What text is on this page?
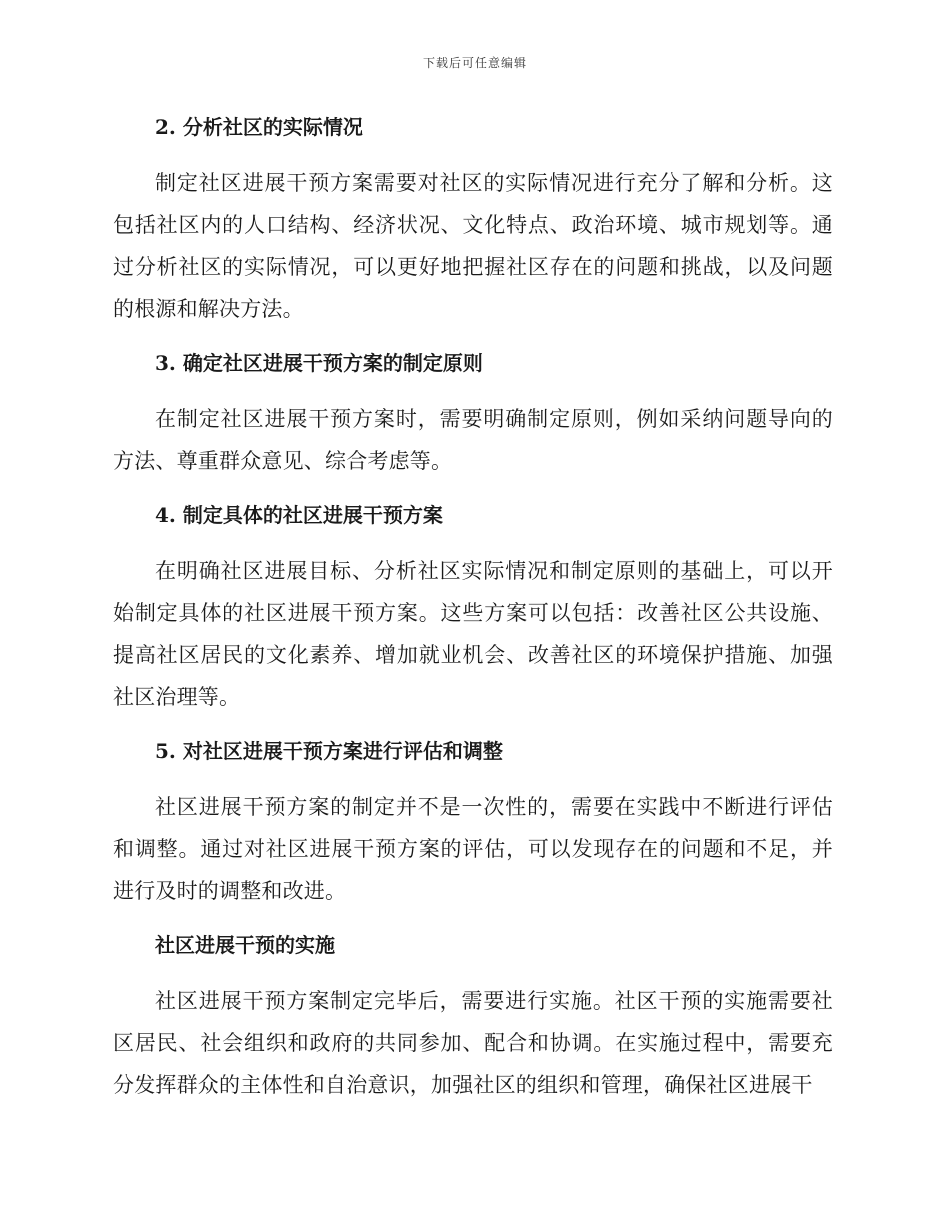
下载后可任意编辑
2. 分析社区的实际情况

制定社区进展干预方案需要对社区的实际情况进行充分了解和分析。这包括社区内的人口结构、经济状况、文化特点、政治环境、城市规划等。通过分析社区的实际情况，可以更好地把握社区存在的问题和挑战，以及问题的根源和解决方法。

3. 确定社区进展干预方案的制定原则

在制定社区进展干预方案时，需要明确制定原则，例如采纳问题导向的方法、尊重群众意见、综合考虑等。

4. 制定具体的社区进展干预方案

在明确社区进展目标、分析社区实际情况和制定原则的基础上，可以开始制定具体的社区进展干预方案。这些方案可以包括：改善社区公共设施、提高社区居民的文化素养、增加就业机会、改善社区的环境保护措施、加强社区治理等。

5. 对社区进展干预方案进行评估和调整

社区进展干预方案的制定并不是一次性的，需要在实践中不断进行评估和调整。通过对社区进展干预方案的评估，可以发现存在的问题和不足，并进行及时的调整和改进。

社区进展干预的实施

社区进展干预方案制定完毕后，需要进行实施。社区干预的实施需要社区居民、社会组织和政府的共同参加、配合和协调。在实施过程中，需要充分发挥群众的主体性和自治意识，加强社区的组织和管理，确保社区进展干
